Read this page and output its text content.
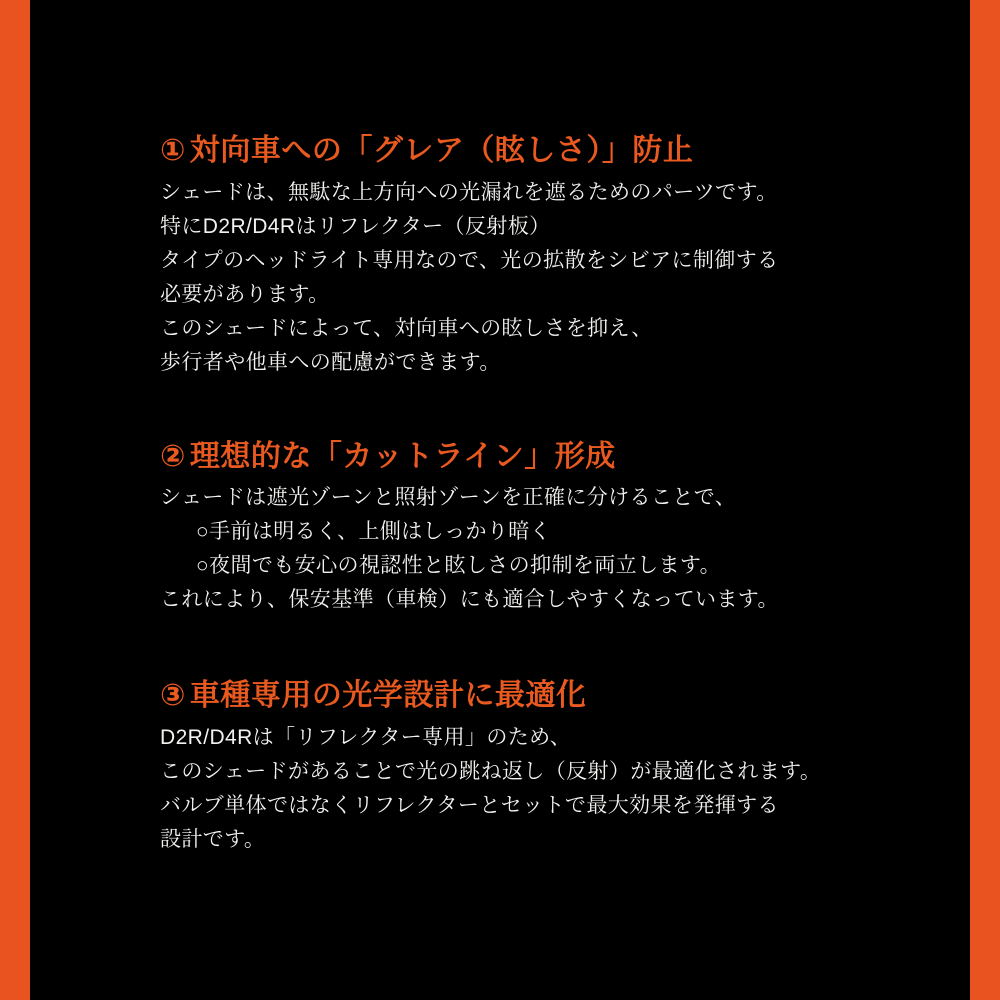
① 対向車への「グレア（眩しさ）」防止
シェードは、無駄な上方向への光漏れを遮るためのパーツです。
特にD2R/D4Rはリフレクター（反射板）
タイプのヘッドライト専用なので、光の拡散をシビアに制御する
必要があります。
このシェードによって、対向車への眩しさを抑え、
歩行者や他車への配慮ができます。
② 理想的な「カットライン」形成
シェードは遮光ゾーンと照射ゾーンを正確に分けることで、
○手前は明るく、上側はしっかり暗く
○夜間でも安心の視認性と眩しさの抑制を両立します。
これにより、保安基準（車検）にも適合しやすくなっています。
③ 車種専用の光学設計に最適化
D2R/D4Rは「リフレクター専用」のため、
このシェードがあることで光の跳ね返し（反射）が最適化されます。
バルブ単体ではなくリフレクターとセットで最大効果を発揮する
設計です。
